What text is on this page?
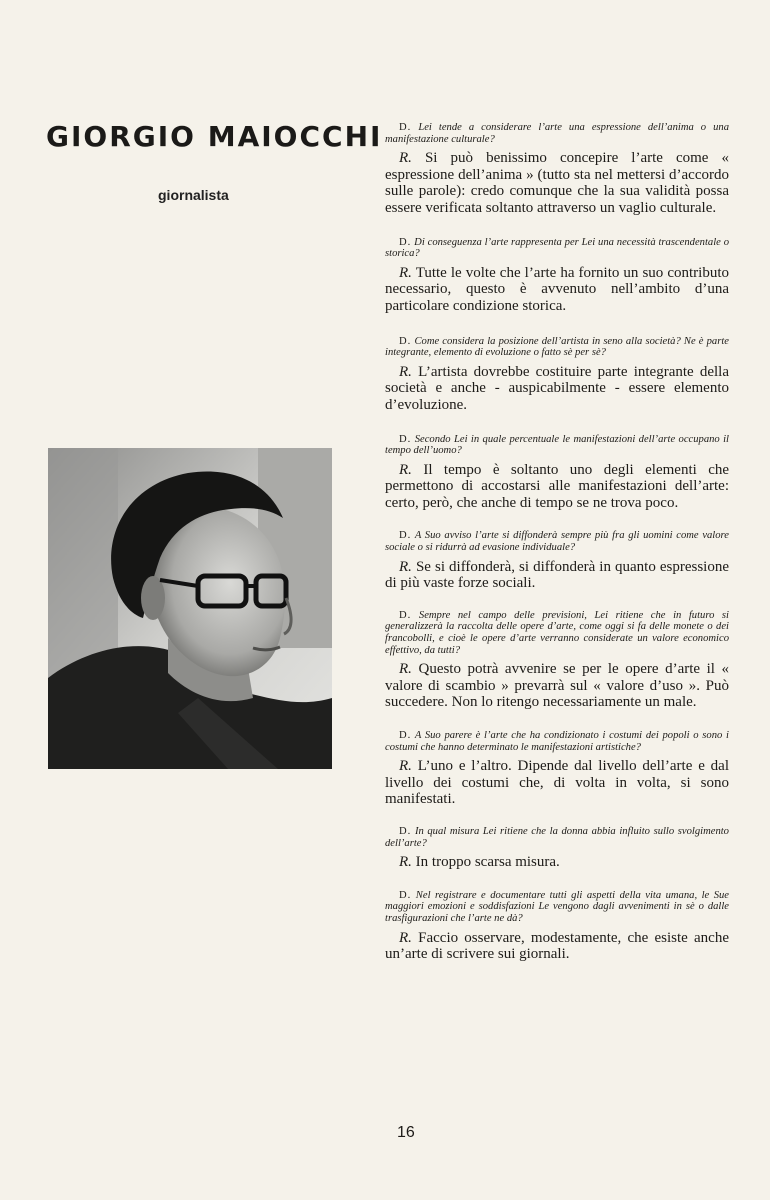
GIORGIO MAIOCCHI
giornalista

D. Lei tende a considerare l’arte una espressione dell’anima o una manifestazione culturale?

R. Si può benissimo concepire l’arte come « espressione dell’anima » (tutto sta nel mettersi d’accordo sulle parole): credo comunque che la sua validità possa essere verificata soltanto attraverso un vaglio culturale.

D. Di conseguenza l’arte rappresenta per Lei una necessità trascendentale o storica?

R. Tutte le volte che l’arte ha fornito un suo contributo necessario, questo è avvenuto nell’ambito d’una particolare condizione storica.

D. Come considera la posizione dell’artista in seno alla società? Ne è parte integrante, elemento di evoluzione o fatto sè per sè?

R. L’artista dovrebbe costituire parte integrante della società e anche - auspicabilmente - essere elemento d’evoluzione.

D. Secondo Lei in quale percentuale le manifestazioni dell’arte occupano il tempo dell’uomo?

R. Il tempo è soltanto uno degli elementi che permettono di accostarsi alle manifestazioni dell’arte: certo, però, che anche di tempo se ne trova poco.

D. A Suo avviso l’arte si diffonderà sempre più fra gli uomini come valore sociale o si ridurrà ad evasione individuale?

R. Se si diffonderà, si diffonderà in quanto espressione di più vaste forze sociali.

D. Sempre nel campo delle previsioni, Lei ritiene che in futuro si generalizzerà la raccolta delle opere d’arte, come oggi si fa delle monete o dei francobolli, e cioè le opere d’arte verranno considerate un valore economico effettivo, da tutti?

R. Questo potrà avvenire se per le opere d’arte il « valore di scambio » prevarrà sul « valore d’uso ». Può succedere. Non lo ritengo necessariamente un male.

D. A Suo parere è l’arte che ha condizionato i costumi dei popoli o sono i costumi che hanno determinato le manifestazioni artistiche?

R. L’uno e l’altro. Dipende dal livello dell’arte e dal livello dei costumi che, di volta in volta, si sono manifestati.

D. In qual misura Lei ritiene che la donna abbia influito sullo svolgimento dell’arte?

R. In troppo scarsa misura.

D. Nel registrare e documentare tutti gli aspetti della vita umana, le Sue maggiori emozioni e soddisfazioni Le vengono dagli avvenimenti in sè o dalle trasfigurazioni che l’arte ne dà?

R. Faccio osservare, modestamente, che esiste anche un’arte di scrivere sui giornali.

16
